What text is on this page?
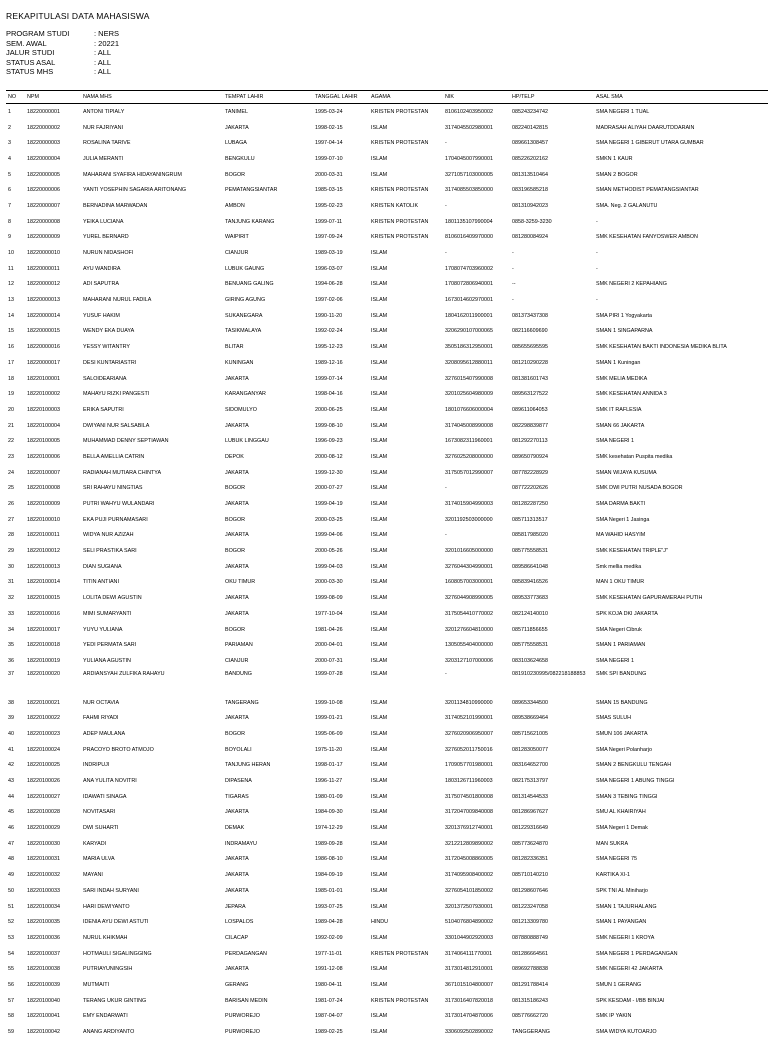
REKAPITULASI DATA MAHASISWA
PROGRAM STUDI	: NERS
SEM. AWAL	: 20221
JALUR STUDI	: ALL
STATUS ASAL	: ALL
STATUS MHS	: ALL
NO	NPM	NAMA MHS	TEMPAT LAHIR	TANGGAL LAHIR	AGAMA	NIK	HP/TELP	ASAL SMA
1	18220000001	ANTONI TIPIALY	TANIMEL	1995-03-24	KRISTEN PROTESTAN	8106102403950002	085243234742	SMA NEGERI 1 TUAL
2	18220000002	NUR FAJRIYANI	JAKARTA	1998-02-15	ISLAM	3174045502980001	082240142815	MADRASAH ALIYAH DAARUTDDARAIN
3	18220000003	ROSALINA TARIVE	LUBAGA	1997-04-14	KRISTEN PROTESTAN	-	089661308457	SMA NEGERI 1 GIBERUT UTARA GUMBAR
4	18220000004	JULIA MERANTI	BENGKULU	1999-07-10	ISLAM	1704045007990001	085226202162	SMKN 1 KAUR
5	18220000005	MAHARANI SYAFIRA HIDAYANINGRUM	BOGOR	2000-03-31	ISLAM	3271057103000005	081313510464	SMAN 2 BOGOR
6	18220000006	YANTI YOSEPHIN SAGARIA ARITONANG	PEMATANGSIANTAR	1985-03-15	KRISTEN PROTESTAN	3174085503850000	083196585218	SMAN METHODIST PEMATANGSIANTAR
7	18220000007	BERNADINA MARWADAN	AMBON	1995-02-23	KRISTEN KATOLIK	-	081310942023	SMA. Neg. 2 GALANUTU
8	18220000008	YEIKA LUCIANA	TANJUNG KARANG	1999-07-11	KRISTEN PROTESTAN	1801135107990004	0858-3259-3230	-
9	18220000009	YUREL BERNARD	WAIPIRIT	1997-09-24	KRISTEN PROTESTAN	8106016409970000	081280084924	SMK KESEHATAN FANYOSWER AMBON
10	18220000010	NURUN NIDASHOFI	CIANJUR	1989-03-19	ISLAM	-	-	-
11	18220000011	AYU WANDIRA	LUBUK GAUNG	1996-03-07	ISLAM	1708074703960002	-	-
12	18220000012	ADI SAPUTRA	BENUANG GALING	1994-06-28	ISLAM	1708072806940001	--	SMK NEGERI 2 KEPAHIANG
13	18220000013	MAHARANI NURUL FADILA	GIRING AGUNG	1997-02-06	ISLAM	1673014602970001	-	-
14	18220000014	YUSUF HAKIM	SUKANEGARA	1990-11-20	ISLAM	1804162011900001	081373437308	SMA PIRI 1 Yogyakarta
15	18220000015	WENDY EKA DUAYA	TASIKMALAYA	1992-02-24	ISLAM	3206290107000065	082116609690	SMAN 1 SINGAPARNA
16	18220000016	YESSY WITANTRY	BLITAR	1995-12-23	ISLAM	3505186312950001	085655695595	SMK KESEHATAN BAKTI INDONESIA MEDIKA BLITA
17	18220000017	DESI KUNTARIASTRI	KUNINGAN	1989-12-16	ISLAM	3208095612880011	081210290228	SMAN 1 Kuningan
18	18220100001	SALOIDEARIANA	JAKARTA	1999-07-14	ISLAM	3276015407990008	081381601743	SMK MELIA MEDIKA
19	18220100002	MAHAYU RIZKI PANGESTI	KARANGANYAR	1998-04-16	ISLAM	3201025604980009	089563127522	SMK KESEHATAN ANNIDA 3
20	18220100003	ERIKA SAPUTRI	SIDOMULYO	2000-06-25	ISLAM	1801076606000004	089611064053	SMK IT RAFLESIA
21	18220100004	DWIYANI NUR SALSABILA	JAKARTA	1999-08-10	ISLAM	3174045008990008	082298839877	SMAN 66 JAKARTA
22	18220100005	MUHAMMAD DENNY SEPTIAWAN	LUBUK LINGGAU	1996-09-23	ISLAM	1673082311960001	081292270113	SMA NEGERI 1
23	18220100006	BELLA AMELLIA CATRIN	DEPOK	2000-08-12	ISLAM	3276025208000000	089650790924	SMK kesehatan Puspita medika
24	18220100007	RADIANAH MUTIARA CHINTYA	JAKARTA	1999-12-30	ISLAM	3175057012990007	087782228929	SMAN WIJAYA KUSUMA
25	18220100008	SRI RAHAYU NINGTIAS	BOGOR	2000-07-27	ISLAM	-	087722202626	SMK DWI PUTRI NUSADA BOGOR
26	18220100009	PUTRI WAHYU WULANDARI	JAKARTA	1999-04-19	ISLAM	3174015904990003	081282287250	SMA DARMA BAKTI
27	18220100010	EKA PUJI PURNAMASARI	BOGOR	2000-03-25	ISLAM	3201192503000000	085711313517	SMA Negeri 1 Jasinga
28	18220100011	WIDYA NUR AZIZAH	JAKARTA	1999-04-06	ISLAM	-	085817985020	MA WAHID HASYIM
29	18220100012	SELI PRASTIKA SARI	BOGOR	2000-05-26	ISLAM	3201016605000000	085775558531	SMK KESEHATAN TRIPLE"J"
30	18220100013	DIAN SUGIANA	JAKARTA	1999-04-03	ISLAM	3276044304990001	089586641048	Smk mellia medika
31	18220100014	TITIN ANTIANI	OKU TIMUR	2000-03-30	ISLAM	1608057003000001	085839416526	MAN 1 OKU TIMUR
32	18220100015	LOLITA DEWI AGUSTIN	JAKARTA	1999-08-09	ISLAM	3276044908990005	089533773683	SMK KESEHATAN GAPURAMERAH PUTIH
33	18220100016	MIMI SUMARYANTI	JAKARTA	1977-10-04	ISLAM	3175054410770002	082124140010	SPK KOJA DKI JAKARTA
34	18220100017	YUYU YULIANA	BOGOR	1981-04-26	ISLAM	3201276604810000	085711856655	SMA Negeri Cibruk
35	18220100018	YEDI PERMATA SARI	PARIAMAN	2000-04-01	ISLAM	1305055404000000	085775558531	SMAN 1 PARIAMAN
36	18220100019	YULIANA AGUSTIN	CIANJUR	2000-07-31	ISLAM	3203127107000006	083103624658	SMA NEGERI 1
37	18220100020	ARDIANSYAH ZULFIKA RAHAYU	BANDUNG	1999-07-28	ISLAM	-	081910230995/082218188853	SMK SPI BANDUNG
38	18220100021	NUR OCTAVIA	TANGERANG	1999-10-08	ISLAM	3201134810990000	089653344500	SMAN 15 BANDUNG
39	18220100022	FAHMI RIYADI	JAKARTA	1999-01-21	ISLAM	3174052101990001	089538669464	SMAS SULUH
40	18220100023	ADEP MAULANA	BOGOR	1995-06-09	ISLAM	3276020906950007	085715621005	SMUN 106 JAKARTA
41	18220100024	PRACOYO BROTO ATMOJO	BOYOLALI	1975-11-20	ISLAM	3276052011750016	081283050077	SMA Negeri Polanharjo
42	18220100025	INDRIPUJI	TANJUNG HERAN	1998-01-17	ISLAM	1709057701980001	083164652700	SMAN 2 BENGKULU TENGAH
43	18220100026	ANA YULITA NOVITRI	DIPASENA	1996-11-27	ISLAM	1803126711960003	082175313797	SMA NEGERI 1 ABUNG TINGGI
44	18220100027	IDAWATI SINAGA	TIGARAS	1980-01-09	ISLAM	3175074501800008	081314544533	SMAN 3 TEBING TINGGI
45	18220100028	NOVITASARI	JAKARTA	1984-09-30	ISLAM	3172047009840008	081286967627	SMU AL KHAIRIYAH
46	18220100029	DWI SUHARTI	DEMAK	1974-12-29	ISLAM	3201376912740001	081229316649	SMA Negeri 1 Demak
47	18220100030	KARYADI	INDRAMAYU	1989-09-28	ISLAM	3212212809890002	085773624870	MAN SUKRA
48	18220100031	MARIA ULVA	JAKARTA	1986-08-10	ISLAM	3172045008860005	081282336351	SMA NEGERI 75
49	18220100032	MAYANI	JAKARTA	1984-09-19	ISLAM	3174095908400002	085710140210	KARTIKA XI-1
50	18220100033	SARI INDAH SURYANI	JAKARTA	1985-01-01	ISLAM	3276054101850002	081298607646	SPK TNI AL Miniharjo
51	18220100034	HARI DEWIYANTO	JEPARA	1993-07-25	ISLAM	3201372507930001	081223247058	SMAN 1 TAJURHALANG
52	18220100035	IDENIA AYU DEWI ASTUTI	LOSPALOS	1989-04-28	HINDU	5104076804890002	081213309780	SMAN 1 PAYANGAN
53	18220100036	NURUL KHIKMAH	CILACAP	1992-02-09	ISLAM	3301044902920003	087880888749	SMK NEGERI 1 KROYA
54	18220100037	HOTMAULI SIGALINGGING	PERDAGANGAN	1977-11-01	KRISTEN PROTESTAN	3174064111770001	081286664561	SMA NEGERI 1 PERDAGANGAN
55	18220100038	PUTRIAYUNINGSIH	JAKARTA	1991-12-08	ISLAM	3173014812910001	089692788838	SMK NEGERI 42 JAKARTA
56	18220100039	MUTMAITI	GERANG	1980-04-11	ISLAM	3671015104800007	081291788414	SMUN 1 GERANG
57	18220100040	TERANG UKUR GINTING	BARISAN MEDIN	1981-07-24	KRISTEN PROTESTAN	3173016407820018	081315186243	SPK KESDAM - I/BB BINJAI
58	18220100041	EMY ENDARWATI	PURWOREJO	1987-04-07	ISLAM	3173014704870006	085776662720	SMK IP YAKIN
59	18220100042	ANANG ARDIYANTO	PURWOREJO	1989-02-25	ISLAM	3306092502890002	TANGGERANG	SMA WIDYA KUTOARJO
